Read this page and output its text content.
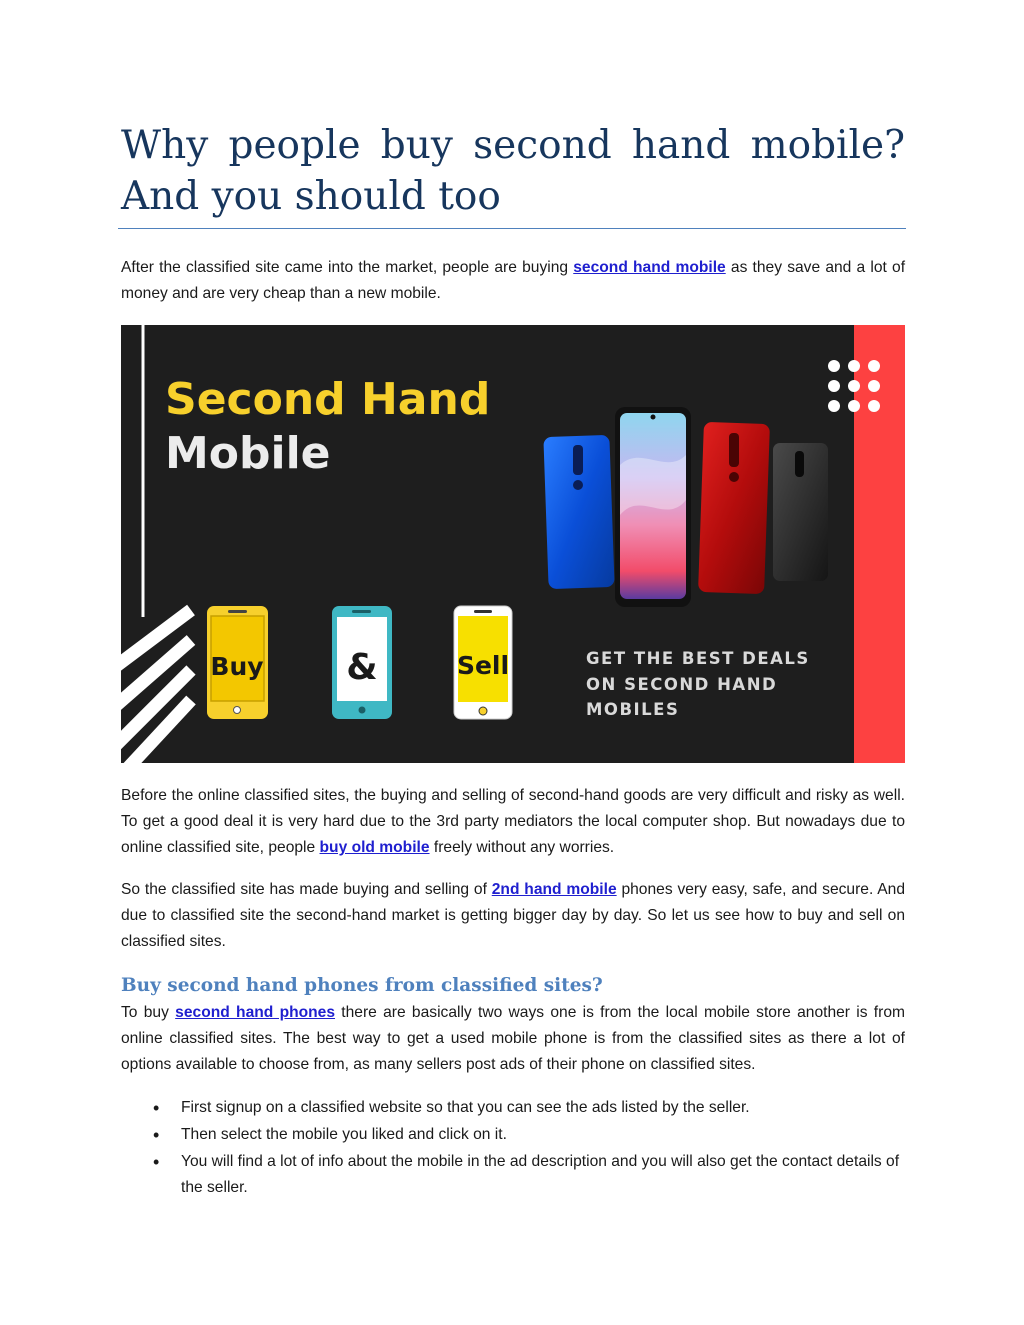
Why people buy second hand mobile? And you should too

After the classified site came into the market, people are buying second hand mobile as they save and a lot of money and are very cheap than a new mobile.

Second Hand
Mobile
Buy &	Sell	GET THE BEST DEALS
ON SECOND HAND
MOBILES

Before the online classified sites, the buying and selling of second-hand goods are very difficult and risky as well. To get a good deal it is very hard due to the 3rd party mediators the local computer shop. But nowadays due to online classified site, people buy old mobile freely without any worries.

So the classified site has made buying and selling of 2nd hand mobile phones very easy, safe, and secure. And due to classified site the second-hand market is getting bigger day by day. So let us see how to buy and sell on classified sites.

Buy second hand phones from classified sites?

To buy second hand phones there are basically two ways one is from the local mobile store another is from online classified sites. The best way to get a used mobile phone is from the classified sites as there a lot of options available to choose from, as many sellers post ads of their phone on classified sites.

• First signup on a classified website so that you can see the ads listed by the seller.
• Then select the mobile you liked and click on it.
• You will find a lot of info about the mobile in the ad description and you will also get the contact details of the seller.
